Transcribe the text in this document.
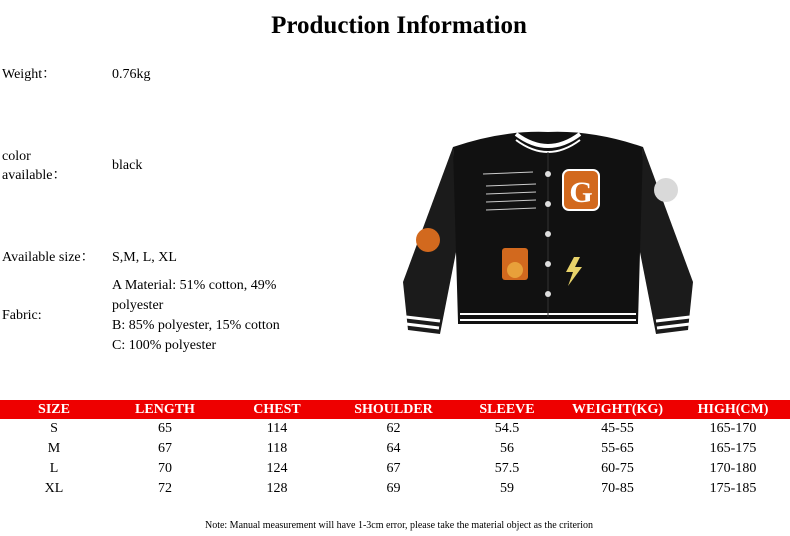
Production Information
Weight：	0.76kg
color
available：
black
Available size： S,M, L, XL
Fabric:
A Material: 51% cotton, 49%
polyester
B: 85% polyester, 15% cotton
C: 100% polyester
G
SIZE	LENGTH	CHEST	SHOULDER	SLEEVE	WEIGHT(KG)	HIGH(CM)
S	65	114	62	54.5	45-55	165-170
M	67	118	64	56	55-65	165-175
L	70	124	67	57.5	60-75	170-180
XL	72	128	69	59	70-85	175-185
Note: Manual measurement will have 1-3cm error, please take the material object as the criterion
